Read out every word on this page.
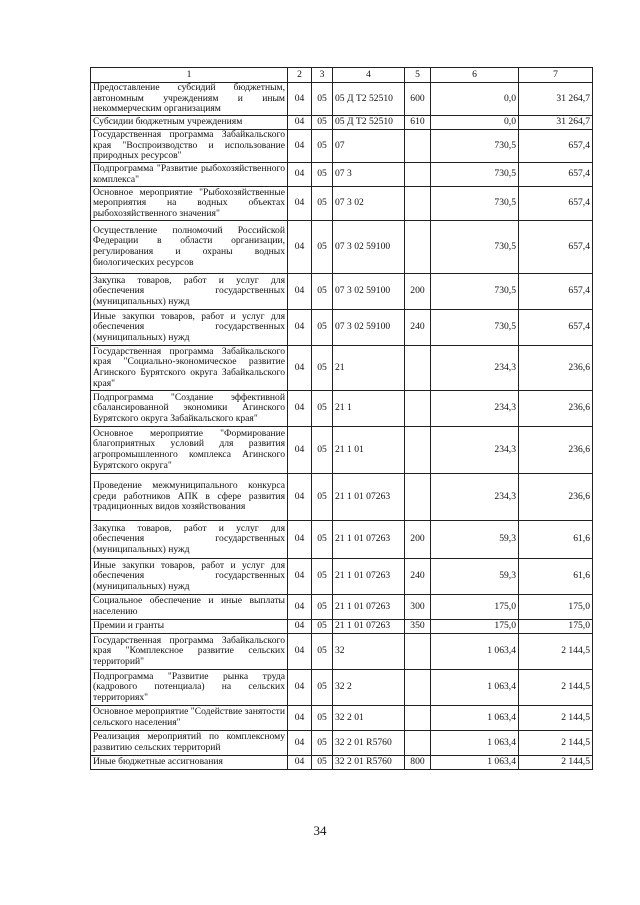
1	2	3	4	5	6	7
Предоставление субсидий бюджетным, автономным учреждениям и иным некоммерческим организациям	04	05	05 Д Т2 52510	600	0,0	31 264,7
Субсидии бюджетным учреждениям	04	05	05 Д Т2 52510	610	0,0	31 264,7
Государственная программа Забайкальского края "Воспроизводство и использование природных ресурсов"	04	05	07		730,5	657,4
Подпрограмма "Развитие рыбохозяйственного комплекса"	04	05	07 3		730,5	657,4
Основное мероприятие "Рыбохозяйственные мероприятия на водных объектах рыбохозяйственного значения"	04	05	07 3 02		730,5	657,4
Осуществление полномочий Российской Федерации в области организации, регулирования и охраны водных биологических ресурсов	04	05	07 3 02 59100		730,5	657,4
Закупка товаров, работ и услуг для обеспечения государственных (муниципальных) нужд	04	05	07 3 02 59100	200	730,5	657,4
Иные закупки товаров, работ и услуг для обеспечения государственных (муниципальных) нужд	04	05	07 3 02 59100	240	730,5	657,4
Государственная программа Забайкальского края "Социально-экономическое развитие Агинского Бурятского округа Забайкальского края"	04	05	21		234,3	236,6
Подпрограмма "Создание эффективной сбалансированной экономики Агинского Бурятского округа Забайкальского края"	04	05	21 1		234,3	236,6
Основное мероприятие "Формирование благоприятных условий для развития агропромышленного комплекса Агинского Бурятского округа"	04	05	21 1 01		234,3	236,6
Проведение межмуниципального конкурса среди работников АПК в сфере развития традиционных видов хозяйствования	04	05	21 1 01 07263		234,3	236,6
Закупка товаров, работ и услуг для обеспечения государственных (муниципальных) нужд	04	05	21 1 01 07263	200	59,3	61,6
Иные закупки товаров, работ и услуг для обеспечения государственных (муниципальных) нужд	04	05	21 1 01 07263	240	59,3	61,6
Социальное обеспечение и иные выплаты населению	04	05	21 1 01 07263	300	175,0	175,0
Премии и гранты	04	05	21 1 01 07263	350	175,0	175,0
Государственная программа Забайкальского края "Комплексное развитие сельских территорий"	04	05	32		1 063,4	2 144,5
Подпрограмма "Развитие рынка труда (кадрового потенциала) на сельских территориях"	04	05	32 2		1 063,4	2 144,5
Основное мероприятие "Содействие занятости сельского населения"	04	05	32 2 01		1 063,4	2 144,5
Реализация мероприятий по комплексному развитию сельских территорий	04	05	32 2 01 R5760		1 063,4	2 144,5
Иные бюджетные ассигнования	04	05	32 2 01 R5760	800	1 063,4	2 144,5
34
